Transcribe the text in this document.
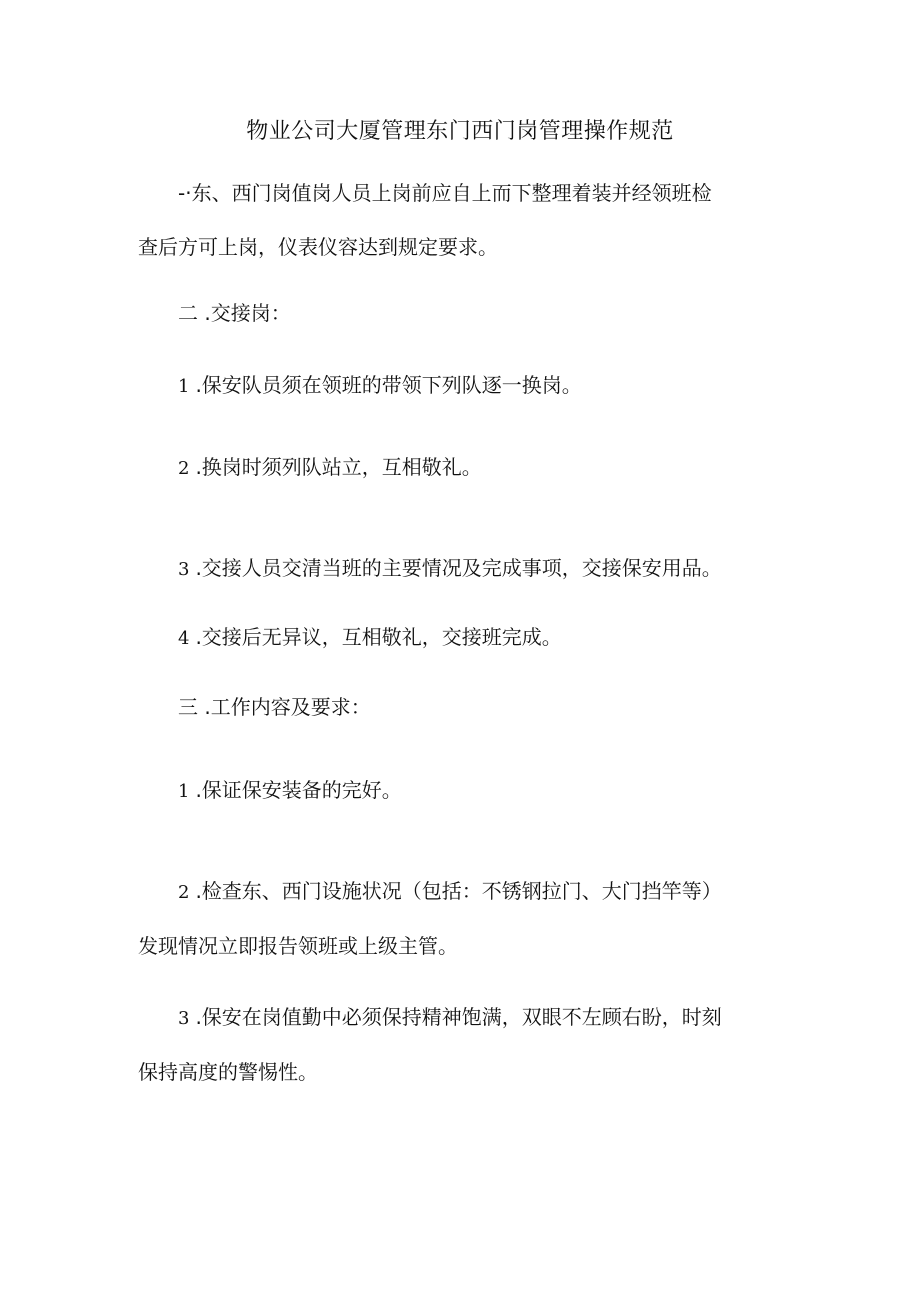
物业公司大厦管理东门西门岗管理操作规范
-·东、西门岗值岗人员上岗前应自上而下整理着装并经领班检
查后方可上岗，仪表仪容达到规定要求。
二 .交接岗：
1 .保安队员须在领班的带领下列队逐一换岗。
2 .换岗时须列队站立，互相敬礼。
3 .交接人员交清当班的主要情况及完成事项，交接保安用品。
4 .交接后无异议，互相敬礼，交接班完成。
三 .工作内容及要求：
1 .保证保安装备的完好。
2 .检查东、西门设施状况（包括：不锈钢拉门、大门挡竿等）
发现情况立即报告领班或上级主管。
3 .保安在岗值勤中必须保持精神饱满，双眼不左顾右盼，时刻
保持高度的警惕性。
